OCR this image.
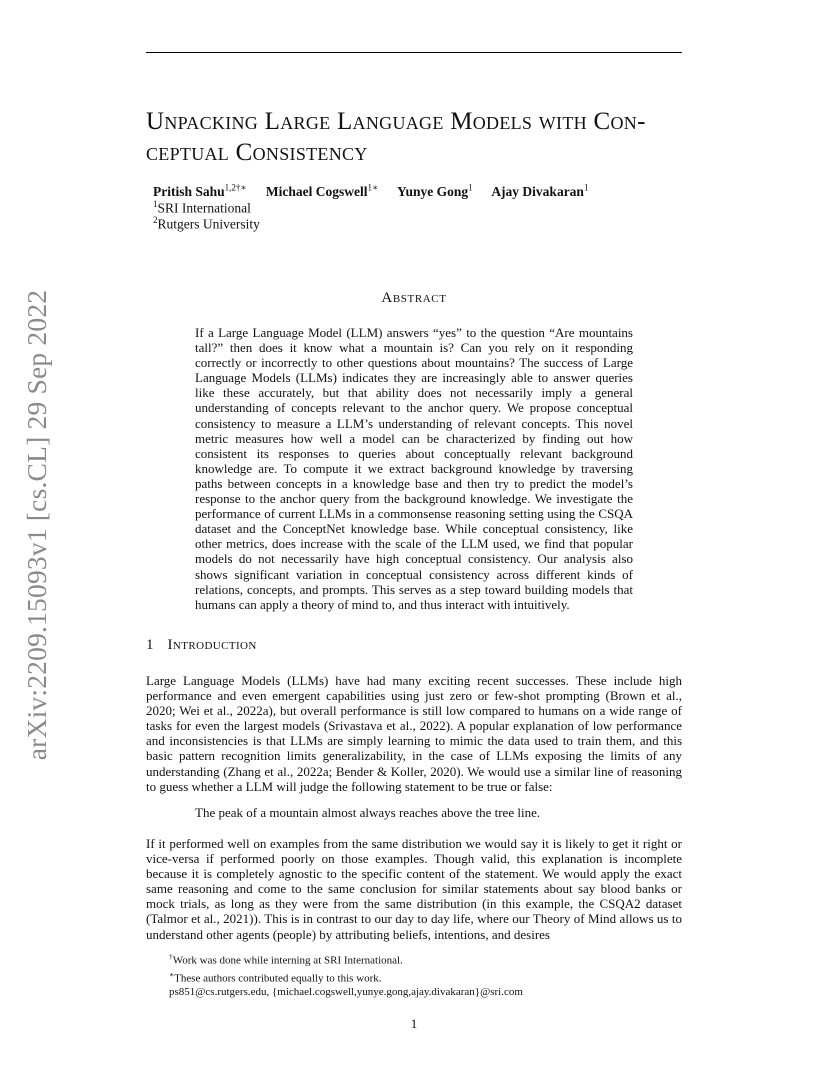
arXiv:2209.15093v1 [cs.CL] 29 Sep 2022
Unpacking Large Language Models with Con-
ceptual Consistency
Pritish Sahu$^{1,2\dagger∗}$ Michael Cogswell$^{1∗}$ Yunye Gong$^1$ Ajay Divakaran$^1$
$^1$SRI International
$^2$Rutgers University
Abstract
If a Large Language Model (LLM) answers “yes” to the question “Are mountains tall?” then does it know what a mountain is? Can you rely on it responding correctly or incorrectly to other questions about mountains? The success of Large Language Models (LLMs) indicates they are increasingly able to answer queries like these accurately, but that ability does not necessarily imply a general understanding of concepts relevant to the anchor query. We propose conceptual consistency to measure a LLM’s understanding of relevant concepts. This novel metric measures how well a model can be characterized by finding out how consistent its responses to queries about conceptually relevant background knowledge are. To compute it we extract background knowledge by traversing paths between concepts in a knowledge base and then try to predict the model’s response to the anchor query from the background knowledge. We investigate the performance of current LLMs in a commonsense reasoning setting using the CSQA dataset and the ConceptNet knowledge base. While conceptual consistency, like other metrics, does increase with the scale of the LLM used, we find that popular models do not necessarily have high conceptual consistency. Our analysis also shows significant variation in conceptual consistency across different kinds of relations, concepts, and prompts. This serves as a step toward building models that humans can apply a theory of mind to, and thus interact with intuitively.
1 Introduction
Large Language Models (LLMs) have had many exciting recent successes. These include high performance and even emergent capabilities using just zero or few-shot prompting (Brown et al., 2020; Wei et al., 2022a), but overall performance is still low compared to humans on a wide range of tasks for even the largest models (Srivastava et al., 2022). A popular explanation of low performance and inconsistencies is that LLMs are simply learning to mimic the data used to train them, and this basic pattern recognition limits generalizability, in the case of LLMs exposing the limits of any understanding (Zhang et al., 2022a; Bender & Koller, 2020). We would use a similar line of reasoning to guess whether a LLM will judge the following statement to be true or false:
The peak of a mountain almost always reaches above the tree line.
If it performed well on examples from the same distribution we would say it is likely to get it right or vice-versa if performed poorly on those examples. Though valid, this explanation is incomplete because it is completely agnostic to the specific content of the statement. We would apply the exact same reasoning and come to the same conclusion for similar statements about say blood banks or mock trials, as long as they were from the same distribution (in this example, the CSQA2 dataset (Talmor et al., 2021)). This is in contrast to our day to day life, where our Theory of Mind allows us to understand other agents (people) by attributing beliefs, intentions, and desires
†Work was done while interning at SRI International.
∗These authors contributed equally to this work.
ps851@cs.rutgers.edu, {michael.cogswell,yunye.gong,ajay.divakaran}@sri.com
1
